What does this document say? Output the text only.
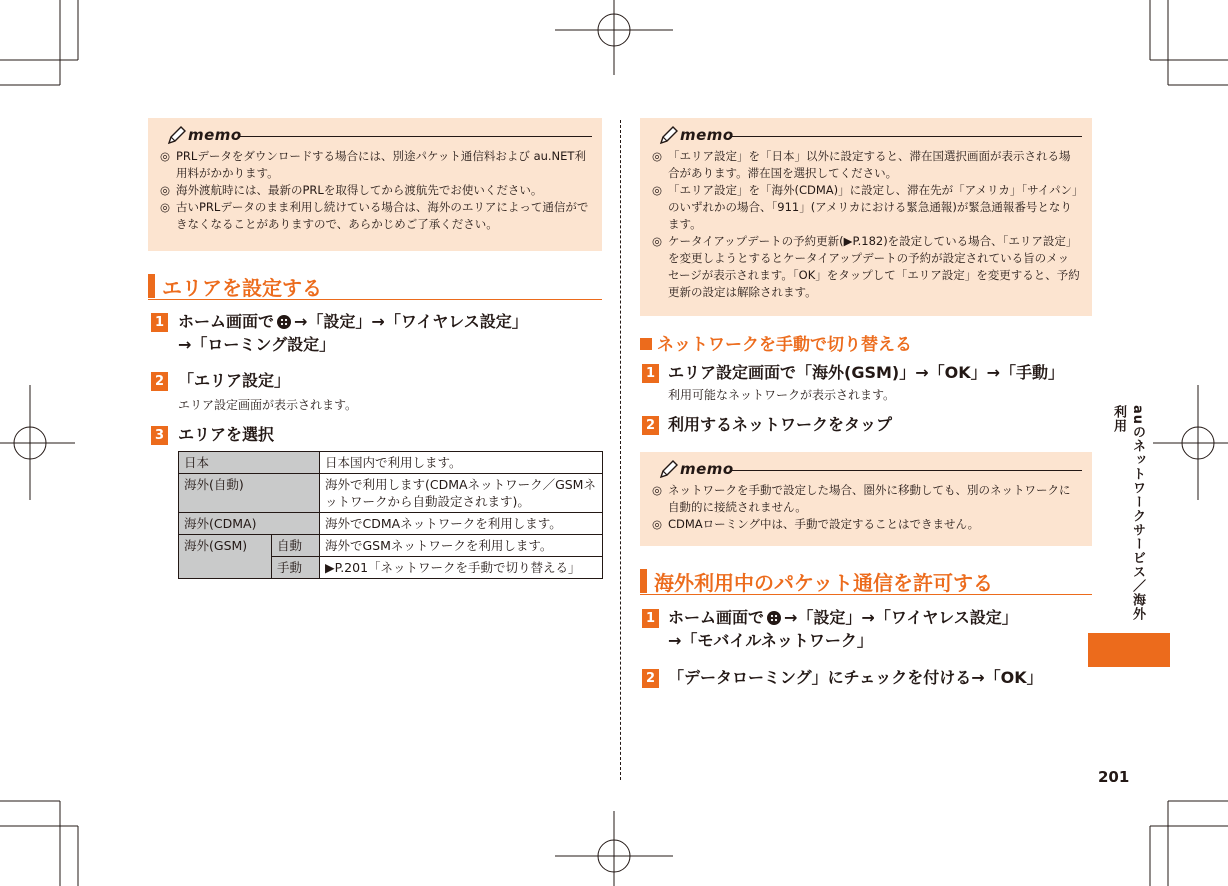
memo
◎ PRLデータをダウンロードする場合には、別途パケット通信料および au.NET利用料がかかります。
◎ 海外渡航時には、最新のPRLを取得してから渡航先でお使いください。
◎ 古いPRLデータのまま利用し続けている場合は、海外のエリアによって通信ができなくなることがありますので、あらかじめご了承ください。
エリアを設定する
1 ホーム画面で →「設定」→「ワイヤレス設定」
→「ローミング設定」
2 「エリア設定」
エリア設定画面が表示されます。
3 エリアを選択
日本		日本国内で利用します。
海外(自動)		海外で利用します(CDMAネットワーク／GSMネットワークから自動設定されます)。
海外(CDMA)		海外でCDMAネットワークを利用します。
海外(GSM)	自動	海外でGSMネットワークを利用します。
	手動	▶P.201「ネットワークを手動で切り替える」
memo
◎ 「エリア設定」を「日本」以外に設定すると、滞在国選択画面が表示される場合があります。滞在国を選択してください。
◎ 「エリア設定」を「海外(CDMA)」に設定し、滞在先が「アメリカ」「サイパン」のいずれかの場合、「911」(アメリカにおける緊急通報)が緊急通報番号となります。
◎ ケータイアップデートの予約更新(▶P.182)を設定している場合、「エリア設定」を変更しようとするとケータイアップデートの予約が設定されている旨のメッセージが表示されます。「OK」をタップして「エリア設定」を変更すると、予約更新の設定は解除されます。
ネットワークを手動で切り替える
1 エリア設定画面で「海外(GSM)」→「OK」→「手動」
利用可能なネットワークが表示されます。
2 利用するネットワークをタップ
memo
◎ ネットワークを手動で設定した場合、圏外に移動しても、別のネットワークに自動的に接続されません。
◎ CDMAローミング中は、手動で設定することはできません。
海外利用中のパケット通信を許可する
1 ホーム画面で →「設定」→「ワイヤレス設定」
→「モバイルネットワーク」
2 「データローミング」にチェックを付ける→「OK」
auのネットワークサービス／海外利用
201
